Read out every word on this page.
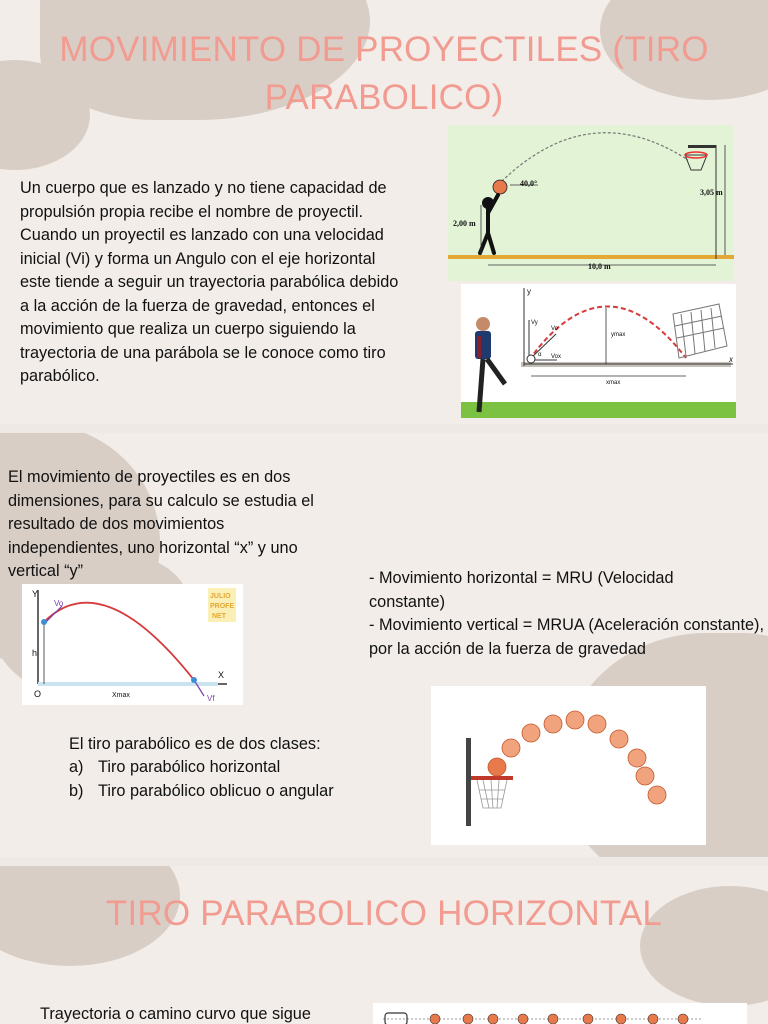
MOVIMIENTO DE PROYECTILES (TIRO PARABOLICO)
Un cuerpo que es lanzado y no tiene capacidad de propulsión propia recibe el nombre de proyectil. Cuando un proyectil es lanzado con una velocidad inicial (Vi) y forma un Angulo con el eje horizontal este tiende a seguir un trayectoria parabólica debido a la acción de la fuerza de gravedad, entonces el movimiento que realiza un cuerpo siguiendo la trayectoria de una parábola se le conoce como tiro parabólico.
40,0°
2,00 m
3,05 m
10,0 m
y
x
Vy
Vo
Vox
α
ymax
xmax
El movimiento de proyectiles es en dos dimensiones, para su calculo se estudia el resultado de dos movimientos independientes, uno horizontal “x” y uno vertical “y”	- Movimiento horizontal = MRU (Velocidad constante)
- Movimiento vertical = MRUA (Aceleración constante), por la acción de la fuerza de gravedad
JULIO
PROFE
NET
Y
X
O
h
Vo
Vf
Xmax
El tiro parabólico es de dos clases:
a) Tiro parabólico horizontal
b) Tiro parabólico oblicuo o angular
TIRO PARABOLICO HORIZONTAL
Trayectoria o camino curvo que sigue
